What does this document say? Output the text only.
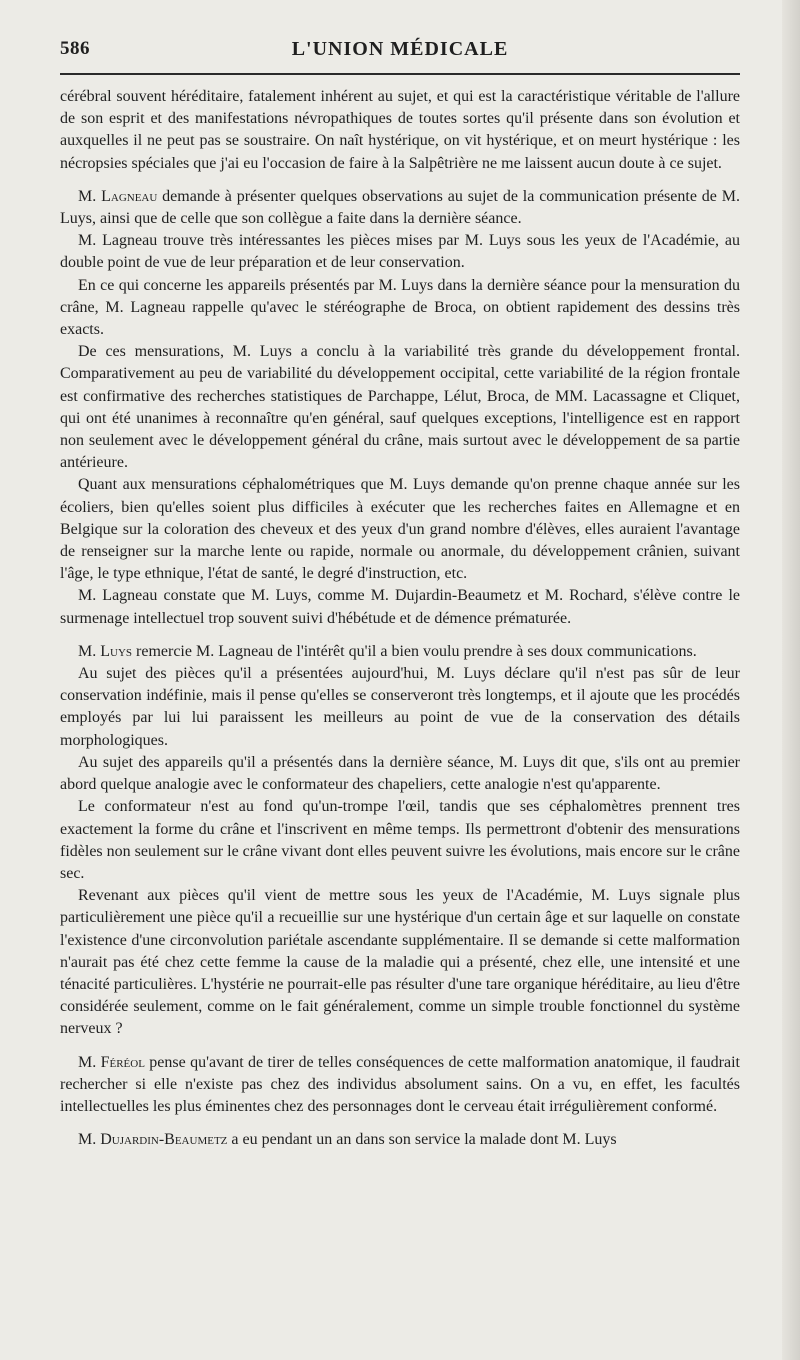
586	L'UNION MÉDICALE

cérébral souvent héréditaire, fatalement inhérent au sujet, et qui est la caractéristique véritable de l'allure de son esprit et des manifestations névropathiques de toutes sortes qu'il présente dans son évolution et auxquelles il ne peut pas se soustraire. On naît hystérique, on vit hystérique, et on meurt hystérique : les nécropsies spéciales que j'ai eu l'occasion de faire à la Salpêtrière ne me laissent aucun doute à ce sujet.

M. Lagneau demande à présenter quelques observations au sujet de la communication présente de M. Luys, ainsi que de celle que son collègue a faite dans la dernière séance.

M. Lagneau trouve très intéressantes les pièces mises par M. Luys sous les yeux de l'Académie, au double point de vue de leur préparation et de leur conservation.

En ce qui concerne les appareils présentés par M. Luys dans la dernière séance pour la mensuration du crâne, M. Lagneau rappelle qu'avec le stéréographe de Broca, on obtient rapidement des dessins très exacts.

De ces mensurations, M. Luys a conclu à la variabilité très grande du développement frontal. Comparativement au peu de variabilité du développement occipital, cette variabilité de la région frontale est confirmative des recherches statistiques de Parchappe, Lélut, Broca, de MM. Lacassagne et Cliquet, qui ont été unanimes à reconnaître qu'en général, sauf quelques exceptions, l'intelligence est en rapport non seulement avec le développement général du crâne, mais surtout avec le développement de sa partie antérieure.

Quant aux mensurations céphalométriques que M. Luys demande qu'on prenne chaque année sur les écoliers, bien qu'elles soient plus difficiles à exécuter que les recherches faites en Allemagne et en Belgique sur la coloration des cheveux et des yeux d'un grand nombre d'élèves, elles auraient l'avantage de renseigner sur la marche lente ou rapide, normale ou anormale, du développement crânien, suivant l'âge, le type ethnique, l'état de santé, le degré d'instruction, etc.

M. Lagneau constate que M. Luys, comme M. Dujardin-Beaumetz et M. Rochard, s'élève contre le surmenage intellectuel trop souvent suivi d'hébétude et de démence prématurée.

M. Luys remercie M. Lagneau de l'intérêt qu'il a bien voulu prendre à ses doux communications.

Au sujet des pièces qu'il a présentées aujourd'hui, M. Luys déclare qu'il n'est pas sûr de leur conservation indéfinie, mais il pense qu'elles se conserveront très longtemps, et il ajoute que les procédés employés par lui lui paraissent les meilleurs au point de vue de la conservation des détails morphologiques.

Au sujet des appareils qu'il a présentés dans la dernière séance, M. Luys dit que, s'ils ont au premier abord quelque analogie avec le conformateur des chapeliers, cette analogie n'est qu'apparente.

Le conformateur n'est au fond qu'un-trompe l'œil, tandis que ses céphalomètres prennent tres exactement la forme du crâne et l'inscrivent en même temps. Ils permettront d'obtenir des mensurations fidèles non seulement sur le crâne vivant dont elles peuvent suivre les évolutions, mais encore sur le crâne sec.

Revenant aux pièces qu'il vient de mettre sous les yeux de l'Académie, M. Luys signale plus particulièrement une pièce qu'il a recueillie sur une hystérique d'un certain âge et sur laquelle on constate l'existence d'une circonvolution pariétale ascendante supplémentaire. Il se demande si cette malformation n'aurait pas été chez cette femme la cause de la maladie qui a présenté, chez elle, une intensité et une ténacité particulières. L'hystérie ne pourrait-elle pas résulter d'une tare organique héréditaire, au lieu d'être considérée seulement, comme on le fait généralement, comme un simple trouble fonctionnel du système nerveux ?

M. Féréol pense qu'avant de tirer de telles conséquences de cette malformation anatomique, il faudrait rechercher si elle n'existe pas chez des individus absolument sains. On a vu, en effet, les facultés intellectuelles les plus éminentes chez des personnages dont le cerveau était irrégulièrement conformé.

M. Dujardin-Beaumetz a eu pendant un an dans son service la malade dont M. Luys
